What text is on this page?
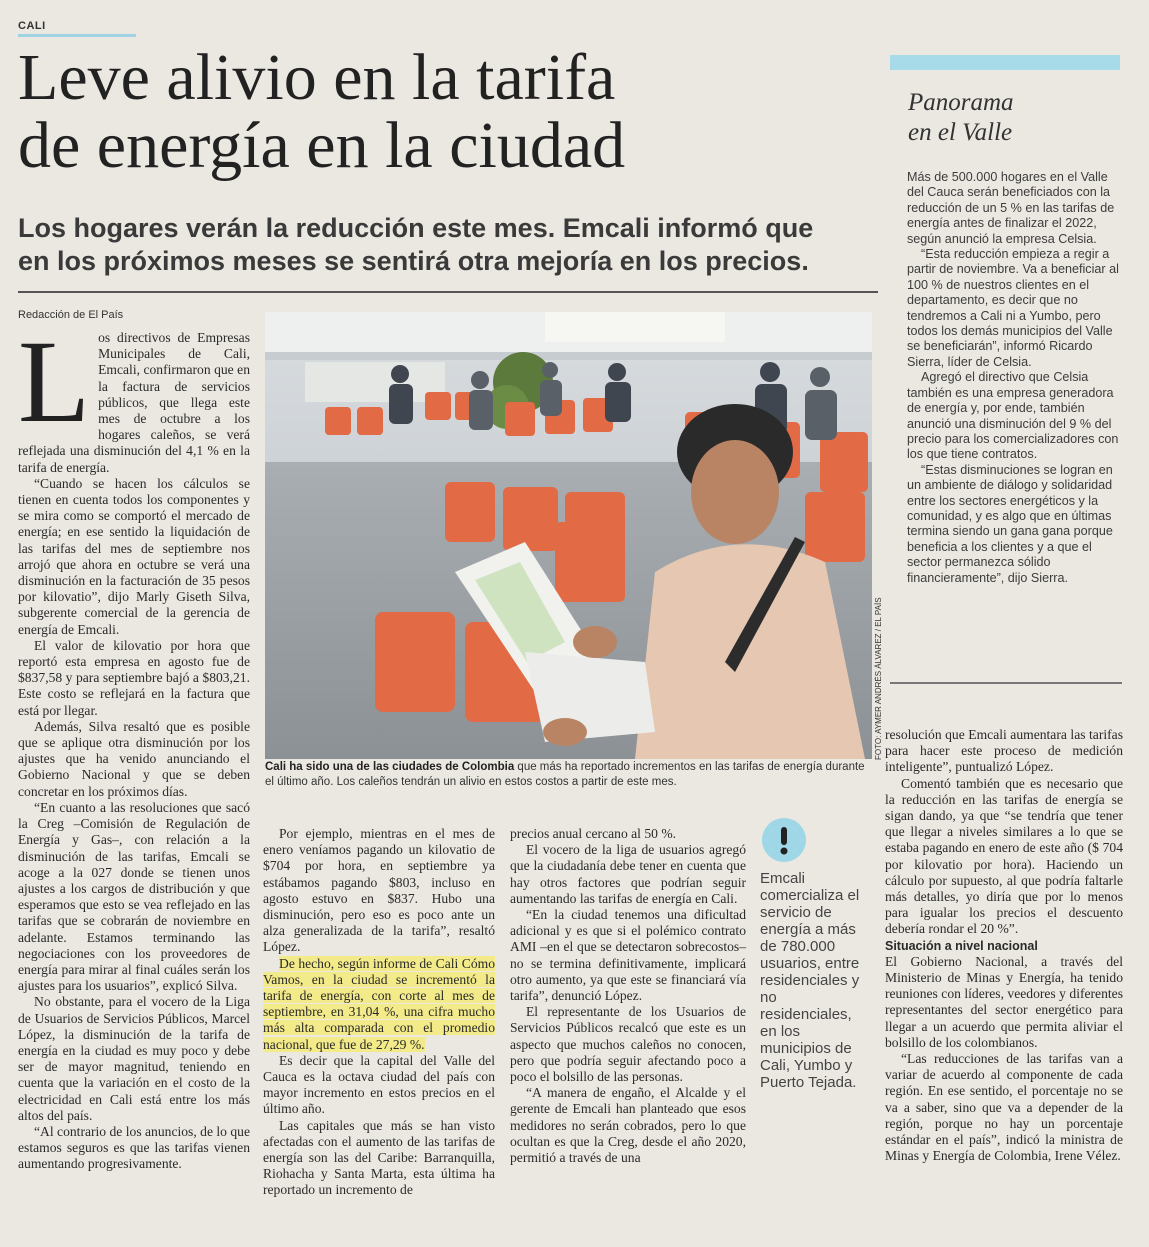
CALI
Leve alivio en la tarifa
de energía en la ciudad
Los hogares verán la reducción este mes. Emcali informó que
en los próximos meses se sentirá otra mejoría en los precios.
Redacción de El País

Los directivos de Empresas Municipales de Cali, Emcali, confirmaron que en la factura de servicios públicos, que llega este mes de octubre a los hogares caleños, se verá reflejada una disminución del 4,1 % en la tarifa de energía.

“Cuando se hacen los cálculos se tienen en cuenta todos los componentes y se mira como se comportó el mercado de energía; en ese sentido la liquidación de las tarifas del mes de septiembre nos arrojó que ahora en octubre se verá una disminución en la facturación de 35 pesos por kilovatio”, dijo Marly Giseth Silva, subgerente comercial de la gerencia de energía de Emcali.

El valor de kilovatio por hora que reportó esta empresa en agosto fue de $837,58 y para septiembre bajó a $803,21. Este costo se reflejará en la factura que está por llegar.

Además, Silva resaltó que es posible que se aplique otra disminución por los ajustes que ha venido anunciando el Gobierno Nacional y que se deben concretar en los próximos días.

“En cuanto a las resoluciones que sacó la Creg –Comisión de Regulación de Energía y Gas–, con relación a la disminución de las tarifas, Emcali se acoge a la 027 donde se tienen unos ajustes a los cargos de distribución y que esperamos que esto se vea reflejado en las tarifas que se cobrarán de noviembre en adelante. Estamos terminando las negociaciones con los proveedores de energía para mirar al final cuáles serán los ajustes para los usuarios”, explicó Silva.

No obstante, para el vocero de la Liga de Usuarios de Servicios Públicos, Marcel López, la disminución de la tarifa de energía en la ciudad es muy poco y debe ser de mayor magnitud, teniendo en cuenta que la variación en el costo de la electricidad en Cali está entre los más altos del país.

“Al contrario de los anuncios, de lo que estamos seguros es que las tarifas vienen aumentando progresivamente.

FOTO: AYMER ANDRÉS ÁLVAREZ / EL PAÍS
Cali ha sido una de las ciudades de Colombia que más ha reportado incrementos en las tarifas de energía durante el último año. Los caleños tendrán un alivio en estos costos a partir de este mes.

Por ejemplo, mientras en el mes de enero veníamos pagando un kilovatio de $704 por hora, en septiembre ya estábamos pagando $803, incluso en agosto estuvo en $837. Hubo una disminución, pero eso es poco ante un alza generalizada de la tarifa”, resaltó López.

De hecho, según informe de Cali Cómo Vamos, en la ciudad se incrementó la tarifa de energía, con corte al mes de septiembre, en 31,04 %, una cifra mucho más alta comparada con el promedio nacional, que fue de 27,29 %.

Es decir que la capital del Valle del Cauca es la octava ciudad del país con mayor incremento en estos precios en el último año.

Las capitales que más se han visto afectadas con el aumento de las tarifas de energía son las del Caribe: Barranquilla, Riohacha y Santa Marta, esta última ha reportado un incremento de

precios anual cercano al 50 %.

El vocero de la liga de usuarios agregó que la ciudadanía debe tener en cuenta que hay otros factores que podrían seguir aumentando las tarifas de energía en Cali.

“En la ciudad tenemos una dificultad adicional y es que si el polémico contrato AMI –en el que se detectaron sobrecostos– no se termina definitivamente, implicará otro aumento, ya que este se financiará vía tarifa”, denunció López.

El representante de los Usuarios de Servicios Públicos recalcó que este es un aspecto que muchos caleños no conocen, pero que podría seguir afectando poco a poco el bolsillo de las personas.

“A manera de engaño, el Alcalde y el gerente de Emcali han planteado que esos medidores no serán cobrados, pero lo que ocultan es que la Creg, desde el año 2020, permitió a través de una

Emcali comercializa el servicio de energía a más de 780.000 usuarios, entre residenciales y no residenciales, en los municipios de Cali, Yumbo y Puerto Tejada.

resolución que Emcali aumentara las tarifas para hacer este proceso de medición inteligente”, puntualizó López.

Comentó también que es necesario que la reducción en las tarifas de energía se sigan dando, ya que “se tendría que tener que llegar a niveles similares a lo que se estaba pagando en enero de este año ($ 704 por kilovatio por hora). Haciendo un cálculo por supuesto, al que podría faltarle más detalles, yo diría que por lo menos para igualar los precios el descuento debería rondar el 20 %”.

Situación a nivel nacional

El Gobierno Nacional, a través del Ministerio de Minas y Energía, ha tenido reuniones con líderes, veedores y diferentes representantes del sector energético para llegar a un acuerdo que permita aliviar el bolsillo de los colombianos.

“Las reducciones de las tarifas van a variar de acuerdo al componente de cada región. En ese sentido, el porcentaje no se va a saber, sino que va a depender de la región, porque no hay un porcentaje estándar en el país”, indicó la ministra de Minas y Energía de Colombia, Irene Vélez.

Panorama
en el Valle

Más de 500.000 hogares en el Valle del Cauca serán beneficiados con la reducción de un 5 % en las tarifas de energía antes de finalizar el 2022, según anunció la empresa Celsia.

“Esta reducción empieza a regir a partir de noviembre. Va a beneficiar al 100 % de nuestros clientes en el departamento, es decir que no tendremos a Cali ni a Yumbo, pero todos los demás municipios del Valle se beneficiarán”, informó Ricardo Sierra, líder de Celsia.

Agregó el directivo que Celsia también es una empresa generadora de energía y, por ende, también anunció una disminución del 9 % del precio para los comercializadores con los que tiene contratos.

“Estas disminuciones se logran en un ambiente de diálogo y solidaridad entre los sectores energéticos y la comunidad, y es algo que en últimas termina siendo un gana gana porque beneficia a los clientes y a que el sector permanezca sólido financieramente”, dijo Sierra.
